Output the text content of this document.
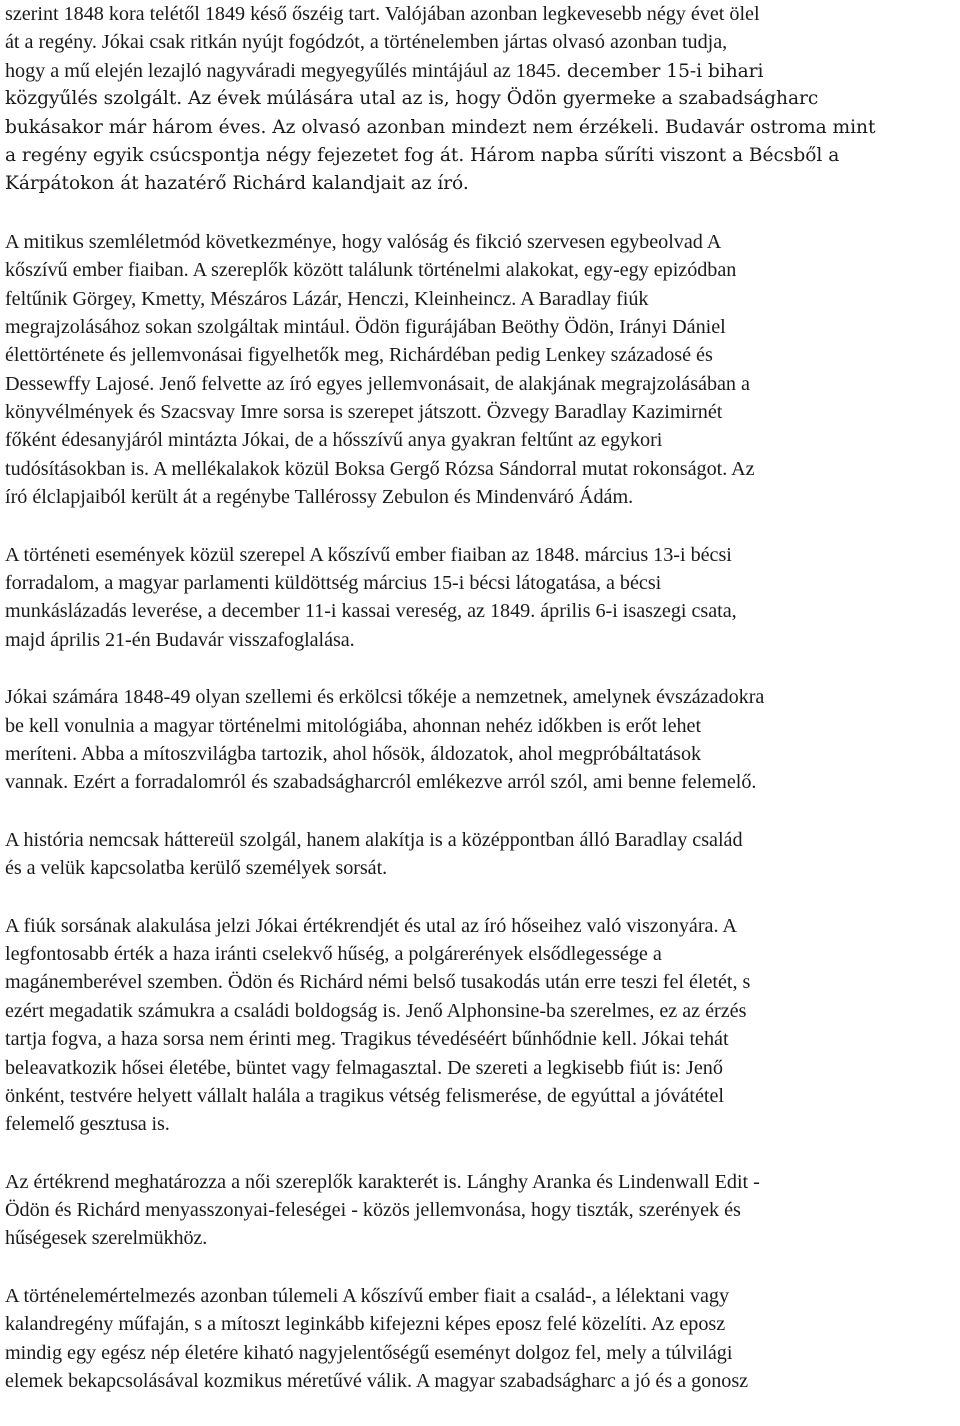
szerint 1848 kora telétől 1849 késő őszéig tart. Valójában azonban legkevesebb négy évet ölel
át a regény. Jókai csak ritkán nyújt fogódzót, a történelemben jártas olvasó azonban tudja,
hogy a mű elején lezajló nagyváradi megyegyűlés mintájául az 1845. december 15-i bihari
közgyűlés szolgált. Az évek múlására utal az is, hogy Ödön gyermeke a szabadságharc
bukásakor már három éves. Az olvasó azonban mindezt nem érzékeli. Budavár ostroma mint
a regény egyik csúcspontja négy fejezetet fog át. Három napba sűríti viszont a Bécsből a
Kárpátokon át hazatérő Richárd kalandjait az író.
A mitikus szemléletmód következménye, hogy valóság és fikció szervesen egybeolvad A
kőszívű ember fiaiban. A szereplők között találunk történelmi alakokat, egy-egy epizódban
feltűnik Görgey, Kmetty, Mészáros Lázár, Henczi, Kleinheincz. A Baradlay fiúk
megrajzolásához sokan szolgáltak mintául. Ödön figurájában Beöthy Ödön, Irányi Dániel
élettörténete és jellemvonásai figyelhetők meg, Richárdéban pedig Lenkey századosé és
Dessewffy Lajosé. Jenő felvette az író egyes jellemvonásait, de alakjának megrajzolásában a
könyvélmények és Szacsvay Imre sorsa is szerepet játszott. Özvegy Baradlay Kazimirnét
főként édesanyjáról mintázta Jókai, de a hősszívű anya gyakran feltűnt az egykori
tudósításokban is. A mellékalakok közül Boksa Gergő Rózsa Sándorral mutat rokonságot. Az
író élclapjaiból került át a regénybe Tallérossy Zebulon és Mindenváró Ádám.
A történeti események közül szerepel A kőszívű ember fiaiban az 1848. március 13-i bécsi
forradalom, a magyar parlamenti küldöttség március 15-i bécsi látogatása, a bécsi
munkáslázadás leverése, a december 11-i kassai vereség, az 1849. április 6-i isaszegi csata,
majd április 21-én Budavár visszafoglalása.
Jókai számára 1848-49 olyan szellemi és erkölcsi tőkéje a nemzetnek, amelynek évszázadokra
be kell vonulnia a magyar történelmi mitológiába, ahonnan nehéz időkben is erőt lehet
meríteni. Abba a mítoszvilágba tartozik, ahol hősök, áldozatok, ahol megpróbáltatások
vannak. Ezért a forradalomról és szabadságharcról emlékezve arról szól, ami benne felemelő.
A história nemcsak háttereül szolgál, hanem alakítja is a középpontban álló Baradlay család
és a velük kapcsolatba kerülő személyek sorsát.
A fiúk sorsának alakulása jelzi Jókai értékrendjét és utal az író hőseihez való viszonyára. A
legfontosabb érték a haza iránti cselekvő hűség, a polgárerények elsődlegessége a
magánemberével szemben. Ödön és Richárd némi belső tusakodás után erre teszi fel életét, s
ezért megadatik számukra a családi boldogság is. Jenő Alphonsine-ba szerelmes, ez az érzés
tartja fogva, a haza sorsa nem érinti meg. Tragikus tévedéséért bűnhődnie kell. Jókai tehát
beleavatkozik hősei életébe, büntet vagy felmagasztal. De szereti a legkisebb fiút is: Jenő
önként, testvére helyett vállalt halála a tragikus vétség felismerése, de egyúttal a jóvátétel
felemelő gesztusa is.
Az értékrend meghatározza a női szereplők karakterét is. Lánghy Aranka és Lindenwall Edit -
Ödön és Richárd menyasszonyai-feleségei - közös jellemvonása, hogy tiszták, szerények és
hűségesek szerelmükhöz.
A történelemértelmezés azonban túlemeli A kőszívű ember fiait a család-, a lélektani vagy
kalandregény műfaján, s a mítoszt leginkább kifejezni képes eposz felé közelíti. Az eposz
mindig egy egész nép életére kiható nagyjelentőségű eseményt dolgoz fel, mely a túlvilági
elemek bekapcsolásával kozmikus méretűvé válik. A magyar szabadságharc a jó és a gonosz
